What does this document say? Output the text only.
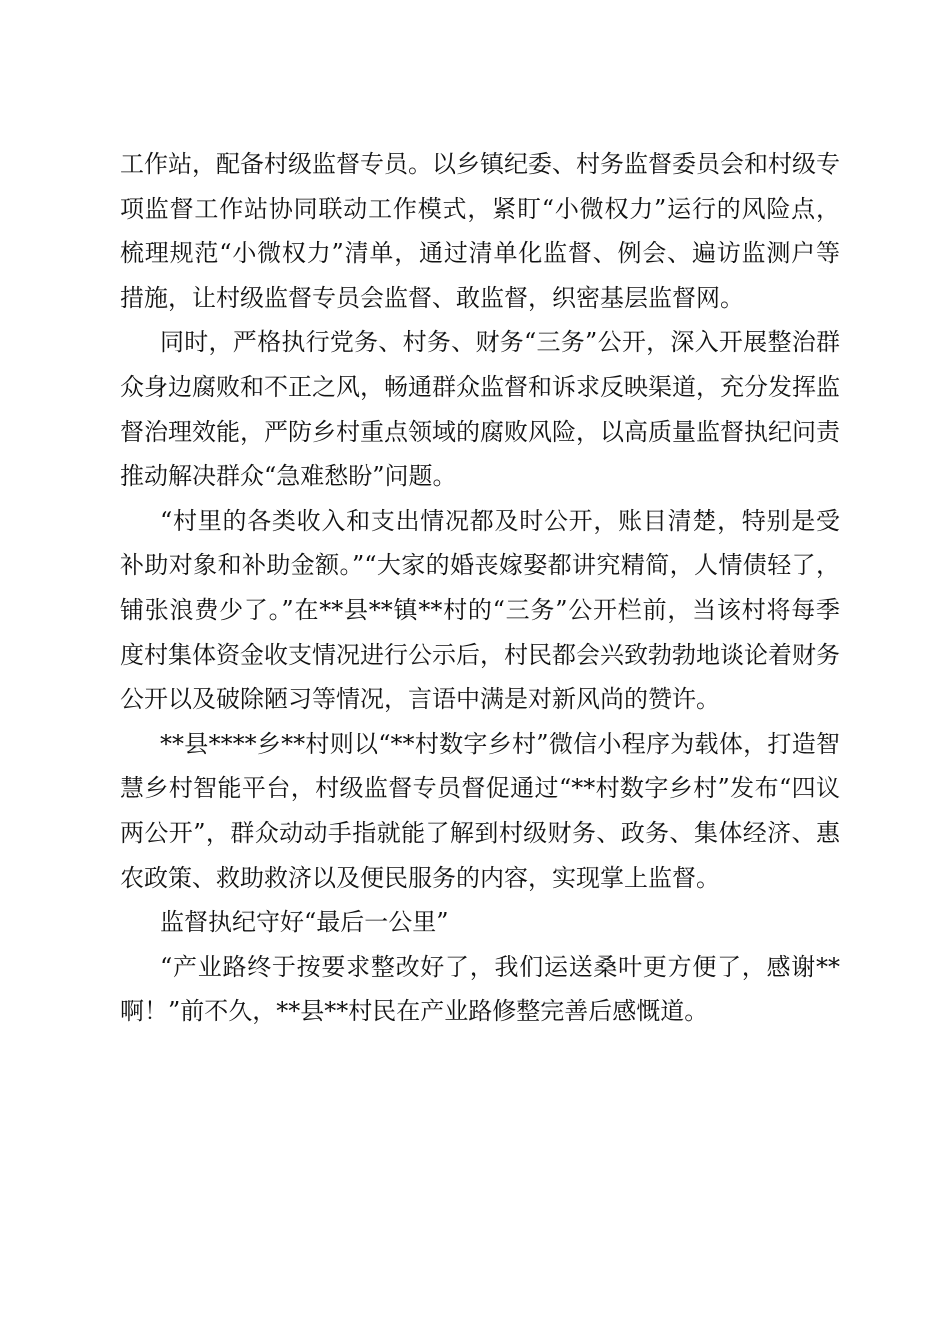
工作站，配备村级监督专员。以乡镇纪委、村务监督委员会和村级专项监督工作站协同联动工作模式，紧盯“小微权力”运行的风险点，梳理规范“小微权力”清单，通过清单化监督、例会、遍访监测户等措施，让村级监督专员会监督、敢监督，织密基层监督网。

同时，严格执行党务、村务、财务“三务”公开，深入开展整治群众身边腐败和不正之风，畅通群众监督和诉求反映渠道，充分发挥监督治理效能，严防乡村重点领域的腐败风险，以高质量监督执纪问责推动解决群众“急难愁盼”问题。

“村里的各类收入和支出情况都及时公开，账目清楚，特别是受补助对象和补助金额。”“大家的婚丧嫁娶都讲究精简，人情债轻了，铺张浪费少了。”在**县**镇**村的“三务”公开栏前，当该村将每季度村集体资金收支情况进行公示后，村民都会兴致勃勃地谈论着财务公开以及破除陋习等情况，言语中满是对新风尚的赞许。

**县****乡**村则以“**村数字乡村”微信小程序为载体，打造智慧乡村智能平台，村级监督专员督促通过“**村数字乡村”发布“四议两公开”，群众动动手指就能了解到村级财务、政务、集体经济、惠农政策、救助救济以及便民服务的内容，实现掌上监督。

监督执纪守好“最后一公里”

“产业路终于按要求整改好了，我们运送桑叶更方便了，感谢**啊！”前不久，**县**村民在产业路修整完善后感慨道。
